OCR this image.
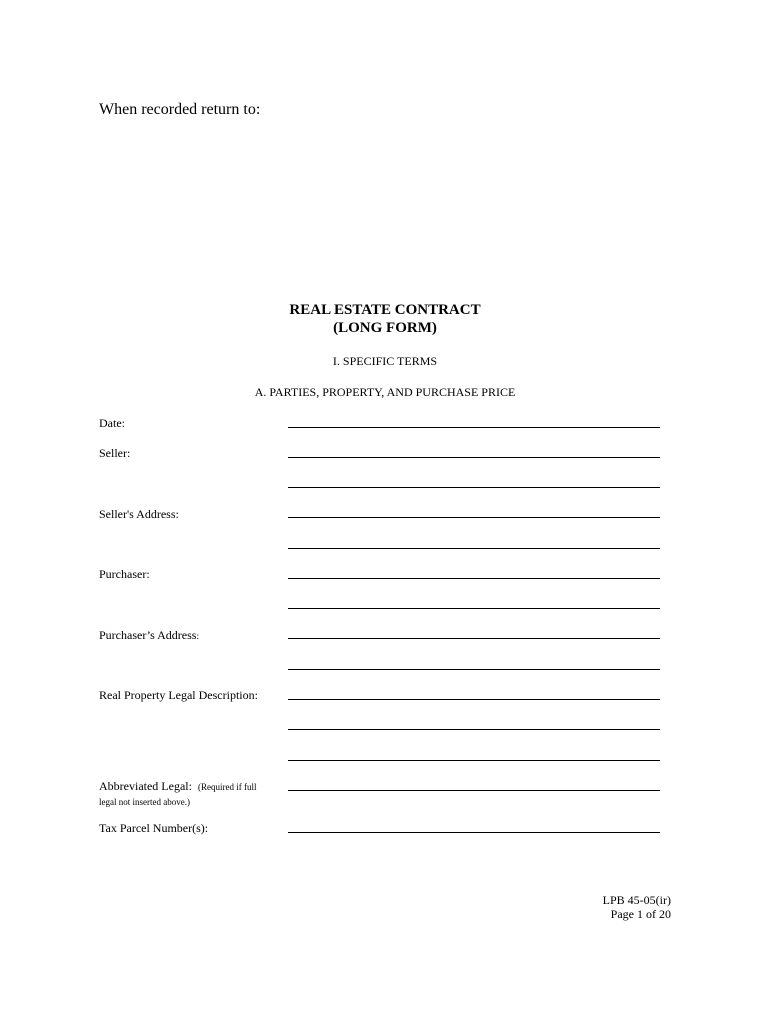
When recorded return to:
REAL ESTATE CONTRACT
(LONG FORM)
I. SPECIFIC TERMS
A. PARTIES, PROPERTY, AND PURCHASE PRICE
Date:
Seller:
Seller's Address:
Purchaser:
Purchaser’s Address:
Real Property Legal Description:
Abbreviated Legal:  (Required if full
legal not inserted above.)
Tax Parcel Number(s):
LPB 45-05(ir)
Page 1 of 20
